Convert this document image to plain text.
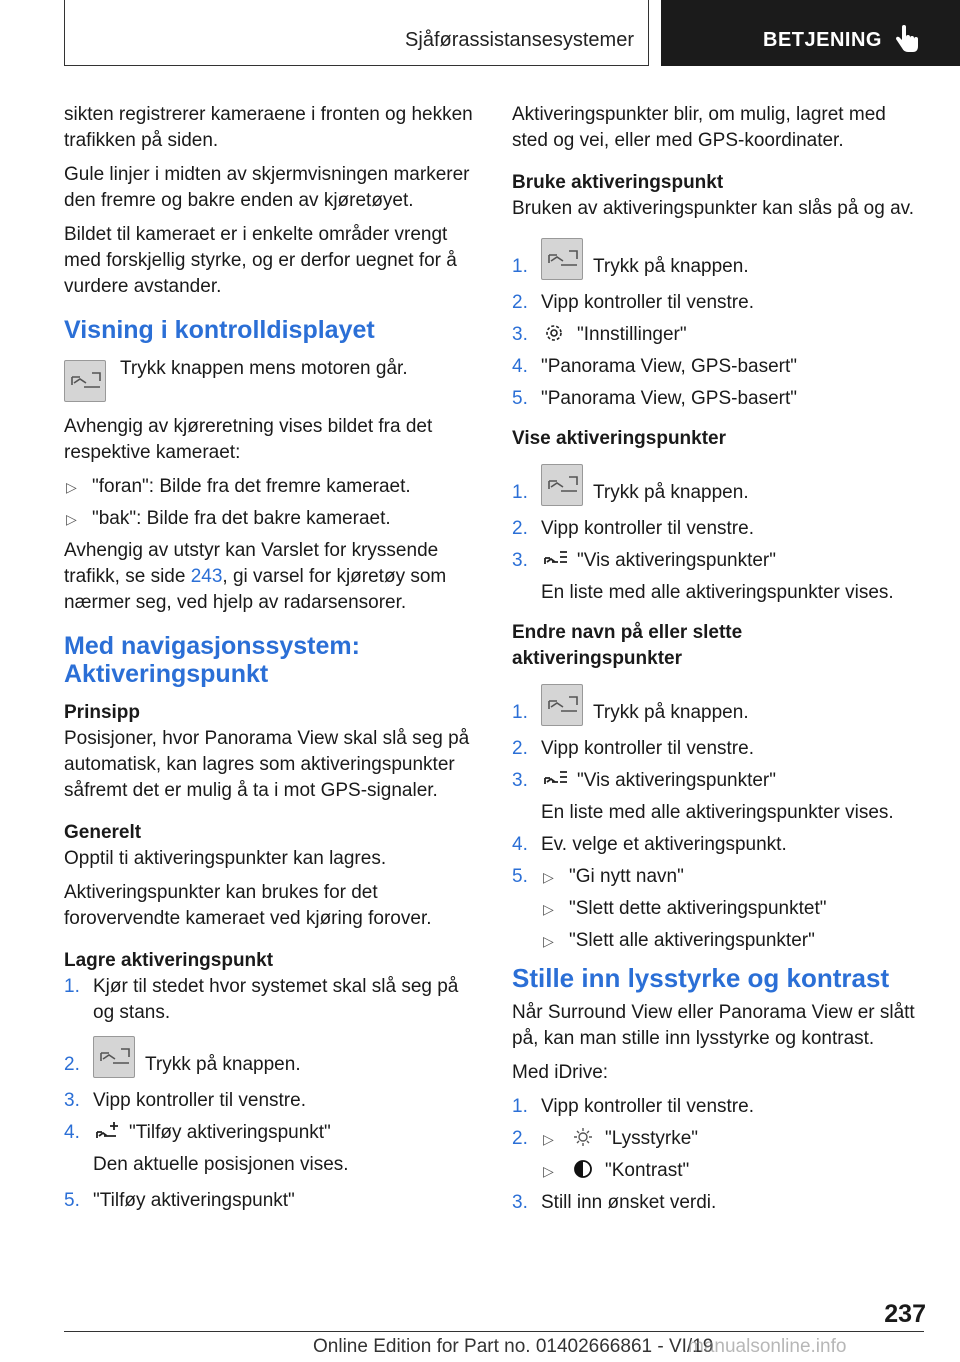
Sjåførassistansesystemer	BETJENING

sikten registrerer kameraene i fronten og hekken trafikken på siden.

Gule linjer i midten av skjermvisningen markerer den fremre og bakre enden av kjøretøyet.

Bildet til kameraet er i enkelte områder vrengt med forskjellig styrke, og er derfor uegnet for å vurdere avstander.

Visning i kontrolldisplayet
Trykk knappen mens motoren går.

Avhengig av kjøreretning vises bildet fra det respektive kameraet:

▷ "foran": Bilde fra det fremre kameraet.
▷ "bak": Bilde fra det bakre kameraet.

Avhengig av utstyr kan Varslet for kryssende trafikk, se side 243, gi varsel for kjøretøy som nærmer seg, ved hjelp av radarsensorer.

Med navigasjonssystem: Aktiveringspunkt
Prinsipp

Posisjoner, hvor Panorama View skal slå seg på automatisk, kan lagres som aktiveringspunkter såfremt det er mulig å ta i mot GPS-signaler.

Generelt

Opptil ti aktiveringspunkter kan lagres.

Aktiveringspunkter kan brukes for det forovervendte kameraet ved kjøring forover.

Lagre aktiveringspunkt
1. Kjør til stedet hvor systemet skal slå seg på og stans.
2.	Trykk på knappen.
3. Vipp kontroller til venstre.
4.	"Tilføy aktiveringspunkt"

Den aktuelle posisjonen vises.

5. "Tilføy aktiveringspunkt"

Aktiveringspunkter blir, om mulig, lagret med sted og vei, eller med GPS-koordinater.

Bruke aktiveringspunkt

Bruken av aktiveringspunkter kan slås på og av.

1.	Trykk på knappen.
2. Vipp kontroller til venstre.
3.	"Innstillinger"
4. "Panorama View, GPS-basert"
5. "Panorama View, GPS-basert"
Vise aktiveringspunkter
1.	Trykk på knappen.
2. Vipp kontroller til venstre.
3.	"Vis aktiveringspunkter"

En liste med alle aktiveringspunkter vises.

Endre navn på eller slette aktiveringspunkter
1.	Trykk på knappen.
2. Vipp kontroller til venstre.
3.	"Vis aktiveringspunkter"

En liste med alle aktiveringspunkter vises.

4. Ev. velge et aktiveringspunkt.
5.	▷ "Gi nytt navn"
▷ "Slett dette aktiveringspunktet"
▷ "Slett alle aktiveringspunkter"
Stille inn lysstyrke og kontrast

Når Surround View eller Panorama View er slått på, kan man stille inn lysstyrke og kontrast.

Med iDrive:

1. Vipp kontroller til venstre.
2.	▷	"Lysstyrke"
▷	"Kontrast"
3. Still inn ønsket verdi.
237
Online Edition for Part no. 01402666861 - VI/19
manualsonline.info
